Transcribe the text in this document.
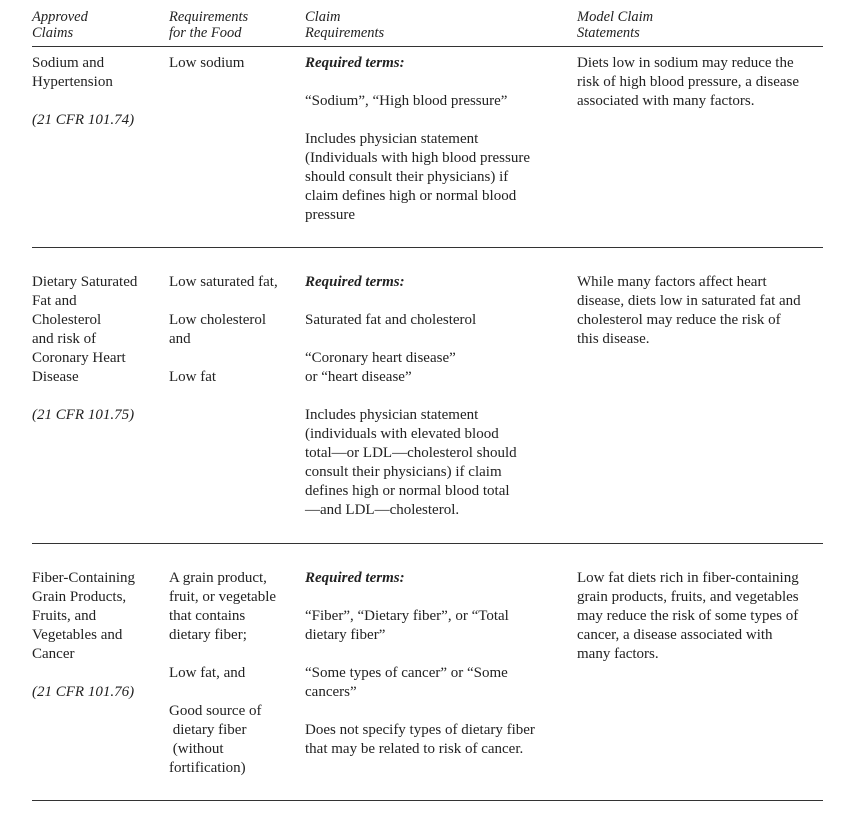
Approved
Claims
Requirements
for the Food
Claim
Requirements
Model Claim
Statements
Sodium and
Hypertension
(21 CFR 101.74)
Low sodium	Required terms:
“Sodium”, “High blood pressure”
Includes physician statement
(Individuals with high blood pressure
should consult their physicians) if
claim defines high or normal blood
pressure
Diets low in sodium may reduce the
risk of high blood pressure, a disease
associated with many factors.
Dietary Saturated
Fat and
Cholesterol
and risk of
Coronary Heart
Disease
(21 CFR 101.75)
Low saturated fat,
Low cholesterol
and
Low fat
Required terms:
Saturated fat and cholesterol
“Coronary heart disease”
or “heart disease”
Includes physician statement
(individuals with elevated blood
total—or LDL—cholesterol should
consult their physicians) if claim
defines high or normal blood total
—and LDL—cholesterol.
While many factors affect heart
disease, diets low in saturated fat and
cholesterol may reduce the risk of
this disease.
Fiber-Containing
Grain Products,
Fruits, and
Vegetables and
Cancer
(21 CFR 101.76)
A grain product,
fruit, or vegetable
that contains
dietary fiber;
Low fat, and
Good source of
dietary fiber
(without
fortification)
Required terms:
“Fiber”, “Dietary fiber”, or “Total
dietary fiber”
“Some types of cancer” or “Some
cancers”
Does not specify types of dietary fiber
that may be related to risk of cancer.
Low fat diets rich in fiber-containing
grain products, fruits, and vegetables
may reduce the risk of some types of
cancer, a disease associated with
many factors.
